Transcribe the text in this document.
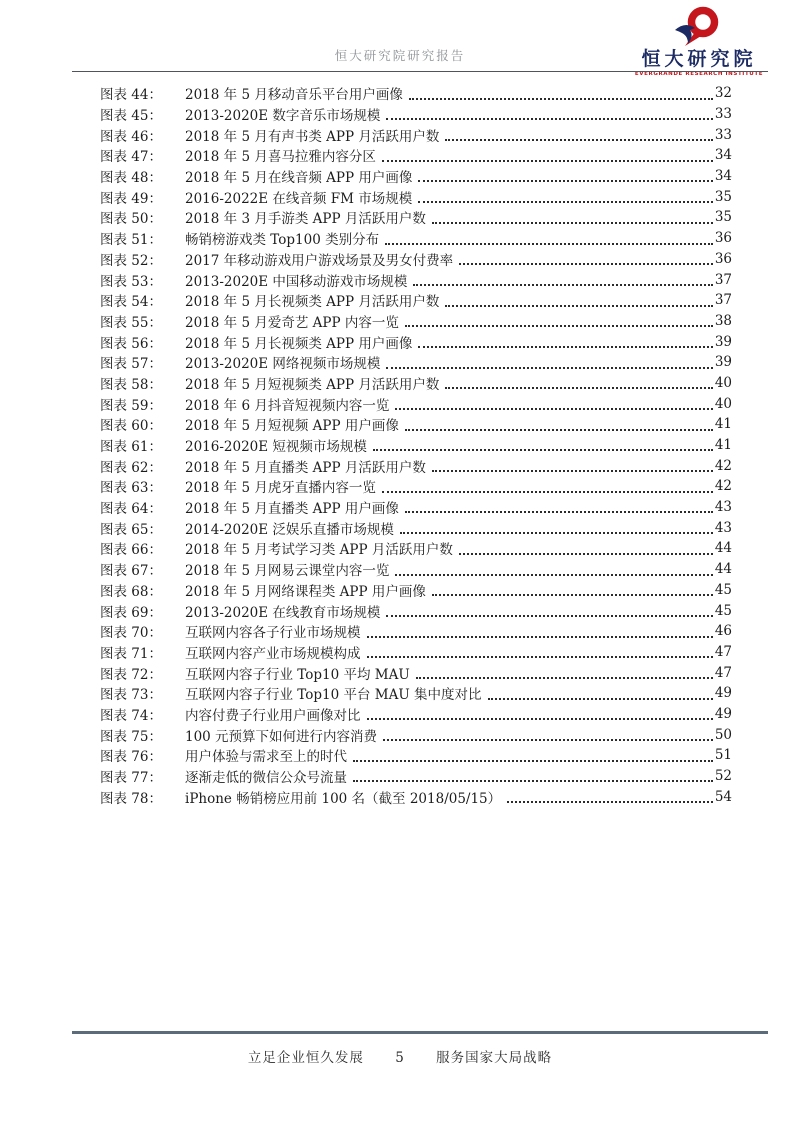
恒大研究院研究报告	恒大研究院
EVERGRANDE RESEARCH INSTITUTE
图表 44：	2018 年 5 月移动音乐平台用户画像	32
图表 45：	2013-2020E 数字音乐市场规模	33
图表 46：	2018 年 5 月有声书类 APP 月活跃用户数	33
图表 47：	2018 年 5 月喜马拉雅内容分区	34
图表 48：	2018 年 5 月在线音频 APP 用户画像	34
图表 49：	2016-2022E 在线音频 FM 市场规模	35
图表 50：	2018 年 3 月手游类 APP 月活跃用户数	35
图表 51：	畅销榜游戏类 Top100 类别分布	36
图表 52：	2017 年移动游戏用户游戏场景及男女付费率	36
图表 53：	2013-2020E 中国移动游戏市场规模	37
图表 54：	2018 年 5 月长视频类 APP 月活跃用户数	37
图表 55：	2018 年 5 月爱奇艺 APP 内容一览	38
图表 56：	2018 年 5 月长视频类 APP 用户画像	39
图表 57：	2013-2020E 网络视频市场规模	39
图表 58：	2018 年 5 月短视频类 APP 月活跃用户数	40
图表 59：	2018 年 6 月抖音短视频内容一览	40
图表 60：	2018 年 5 月短视频 APP 用户画像	41
图表 61：	2016-2020E 短视频市场规模	41
图表 62：	2018 年 5 月直播类 APP 月活跃用户数	42
图表 63：	2018 年 5 月虎牙直播内容一览	42
图表 64：	2018 年 5 月直播类 APP 用户画像	43
图表 65：	2014-2020E 泛娱乐直播市场规模	43
图表 66：	2018 年 5 月考试学习类 APP 月活跃用户数	44
图表 67：	2018 年 5 月网易云课堂内容一览	44
图表 68：	2018 年 5 月网络课程类 APP 用户画像	45
图表 69：	2013-2020E 在线教育市场规模	45
图表 70：	互联网内容各子行业市场规模	46
图表 71：	互联网内容产业市场规模构成	47
图表 72：	互联网内容子行业 Top10 平均 MAU	47
图表 73：	互联网内容子行业 Top10 平台 MAU 集中度对比	49
图表 74：	内容付费子行业用户画像对比	49
图表 75：	100 元预算下如何进行内容消费	50
图表 76：	用户体验与需求至上的时代	51
图表 77：	逐渐走低的微信公众号流量	52
图表 78：	iPhone 畅销榜应用前 100 名（截至 2018/05/15）	54
立足企业恒久发展 5 服务国家大局战略
